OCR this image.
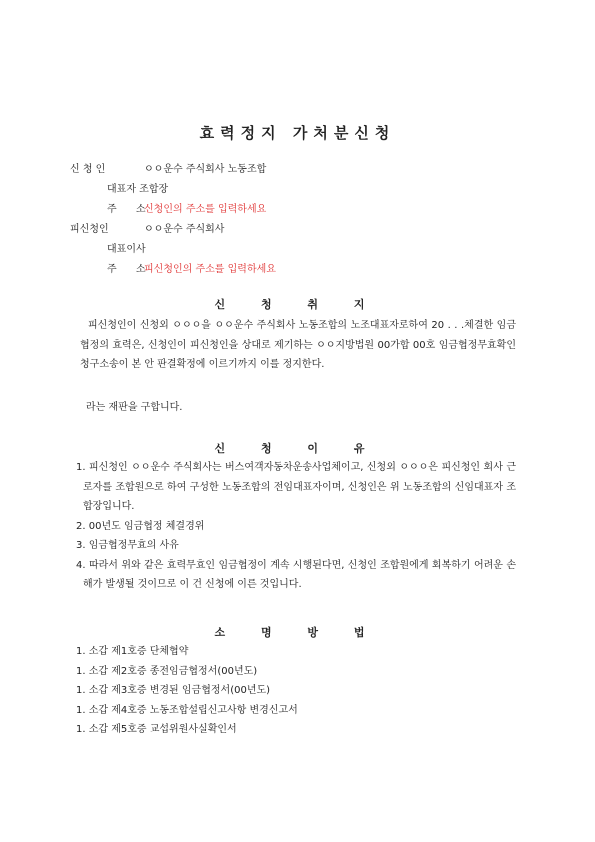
효력정지 가처분신청
신 청 인	ㅇㅇ운수 주식회사 노동조합
대표자 조합장
주 소
신청인의 주소를 입력하세요
피신청인	ㅇㅇ운수 주식회사
대표이사
주 소
피신청인의 주소를 입력하세요
신 청 취 지
피신청인이 신청외 ㅇㅇㅇ을 ㅇㅇ운수 주식회사 노동조합의 노조대표자로하여 20 . . .체결한 임금협정의 효력은, 신청인이 피신청인을 상대로 제기하는 ㅇㅇ지방법원 00가합 00호 임금협정무효확인청구소송이 본 안 판결확정에 이르기까지 이를 정지한다.
라는 재판을 구합니다.
신 청 이 유
1. 피신청인 ㅇㅇ운수 주식회사는 버스여객자동차운송사업체이고, 신청외 ㅇㅇㅇ은 피신청인 회사 근로자를 조합원으로 하여 구성한 노동조합의 전임대표자이며, 신청인은 위 노동조합의 신임대표자 조합장입니다.
2. 00년도 임금협정 체결경위
3. 임금협정무효의 사유
4. 따라서 위와 같은 효력무효인 임금협정이 계속 시행된다면, 신청인 조합원에게 회복하기 어려운 손해가 발생될 것이므로 이 건 신청에 이른 것입니다.
소 명 방 법
1. 소갑 제1호증 단체협약
1. 소갑 제2호증 종전임금협정서(00년도)
1. 소갑 제3호증 변경된 임금협정서(00년도)
1. 소갑 제4호증 노동조합설립신고사항 변경신고서
1. 소갑 제5호증 교섭위원사실확인서
